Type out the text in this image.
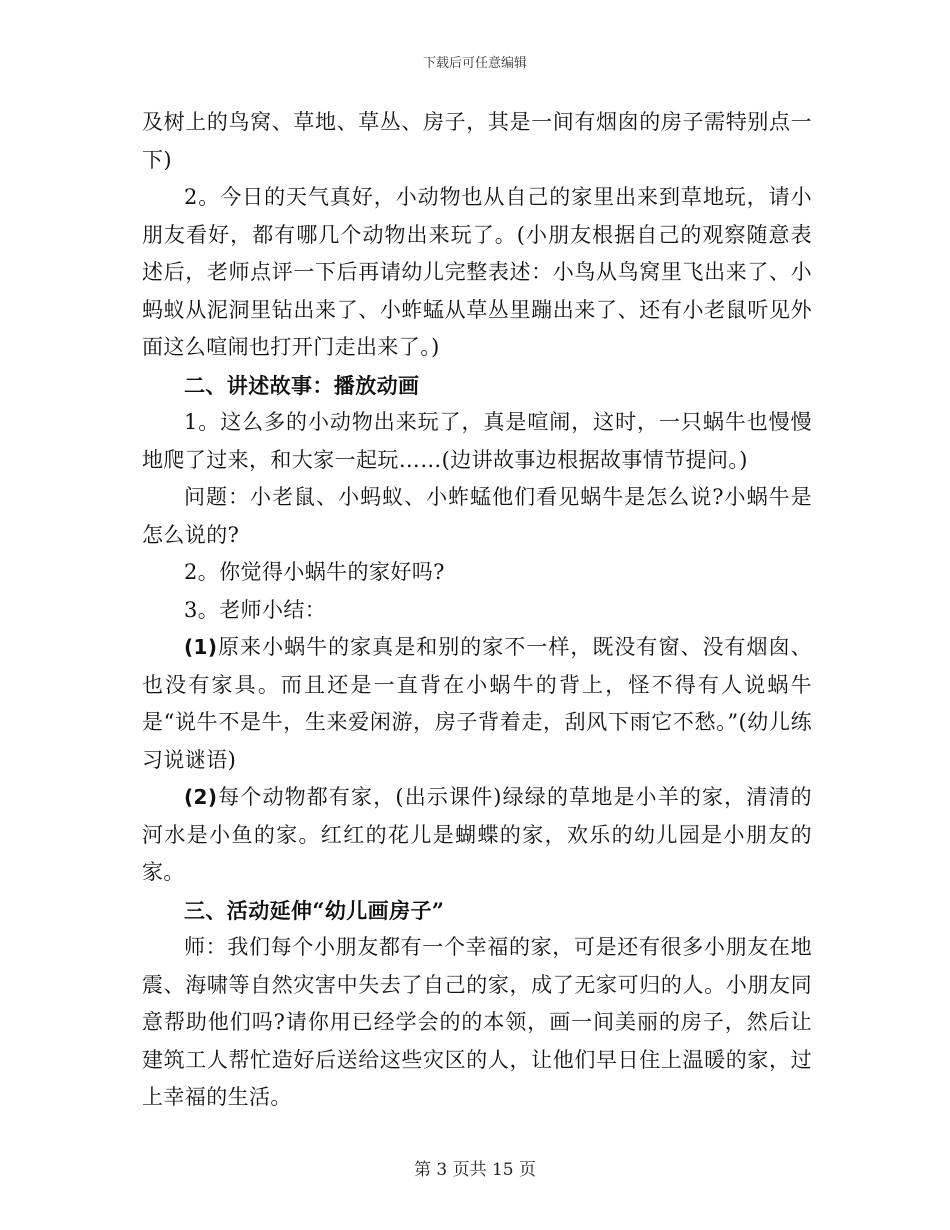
下载后可任意编辑

及树上的鸟窝、草地、草丛、房子，其是一间有烟囱的房子需特别点一下)

2。今日的天气真好，小动物也从自己的家里出来到草地玩，请小朋友看好，都有哪几个动物出来玩了。(小朋友根据自己的观察随意表述后，老师点评一下后再请幼儿完整表述：小鸟从鸟窝里飞出来了、小蚂蚁从泥洞里钻出来了、小蚱蜢从草丛里蹦出来了、还有小老鼠听见外面这么喧闹也打开门走出来了。)

二、讲述故事：播放动画

1。这么多的小动物出来玩了，真是喧闹，这时，一只蜗牛也慢慢地爬了过来，和大家一起玩……(边讲故事边根据故事情节提问。)

问题：小老鼠、小蚂蚁、小蚱蜢他们看见蜗牛是怎么说?小蜗牛是怎么说的?

2。你觉得小蜗牛的家好吗?

3。老师小结：

(1)原来小蜗牛的家真是和别的家不一样，既没有窗、没有烟囱、也没有家具。而且还是一直背在小蜗牛的背上，怪不得有人说蜗牛是“说牛不是牛，生来爱闲游，房子背着走，刮风下雨它不愁。”(幼儿练习说谜语)

(2)每个动物都有家，(出示课件)绿绿的草地是小羊的家，清清的河水是小鱼的家。红红的花儿是蝴蝶的家，欢乐的幼儿园是小朋友的家。

三、活动延伸“幼儿画房子”

师：我们每个小朋友都有一个幸福的家，可是还有很多小朋友在地震、海啸等自然灾害中失去了自己的家，成了无家可归的人。小朋友同意帮助他们吗?请你用已经学会的的本领，画一间美丽的房子，然后让建筑工人帮忙造好后送给这些灾区的人，让他们早日住上温暖的家，过上幸福的生活。

第 3 页共 15 页
